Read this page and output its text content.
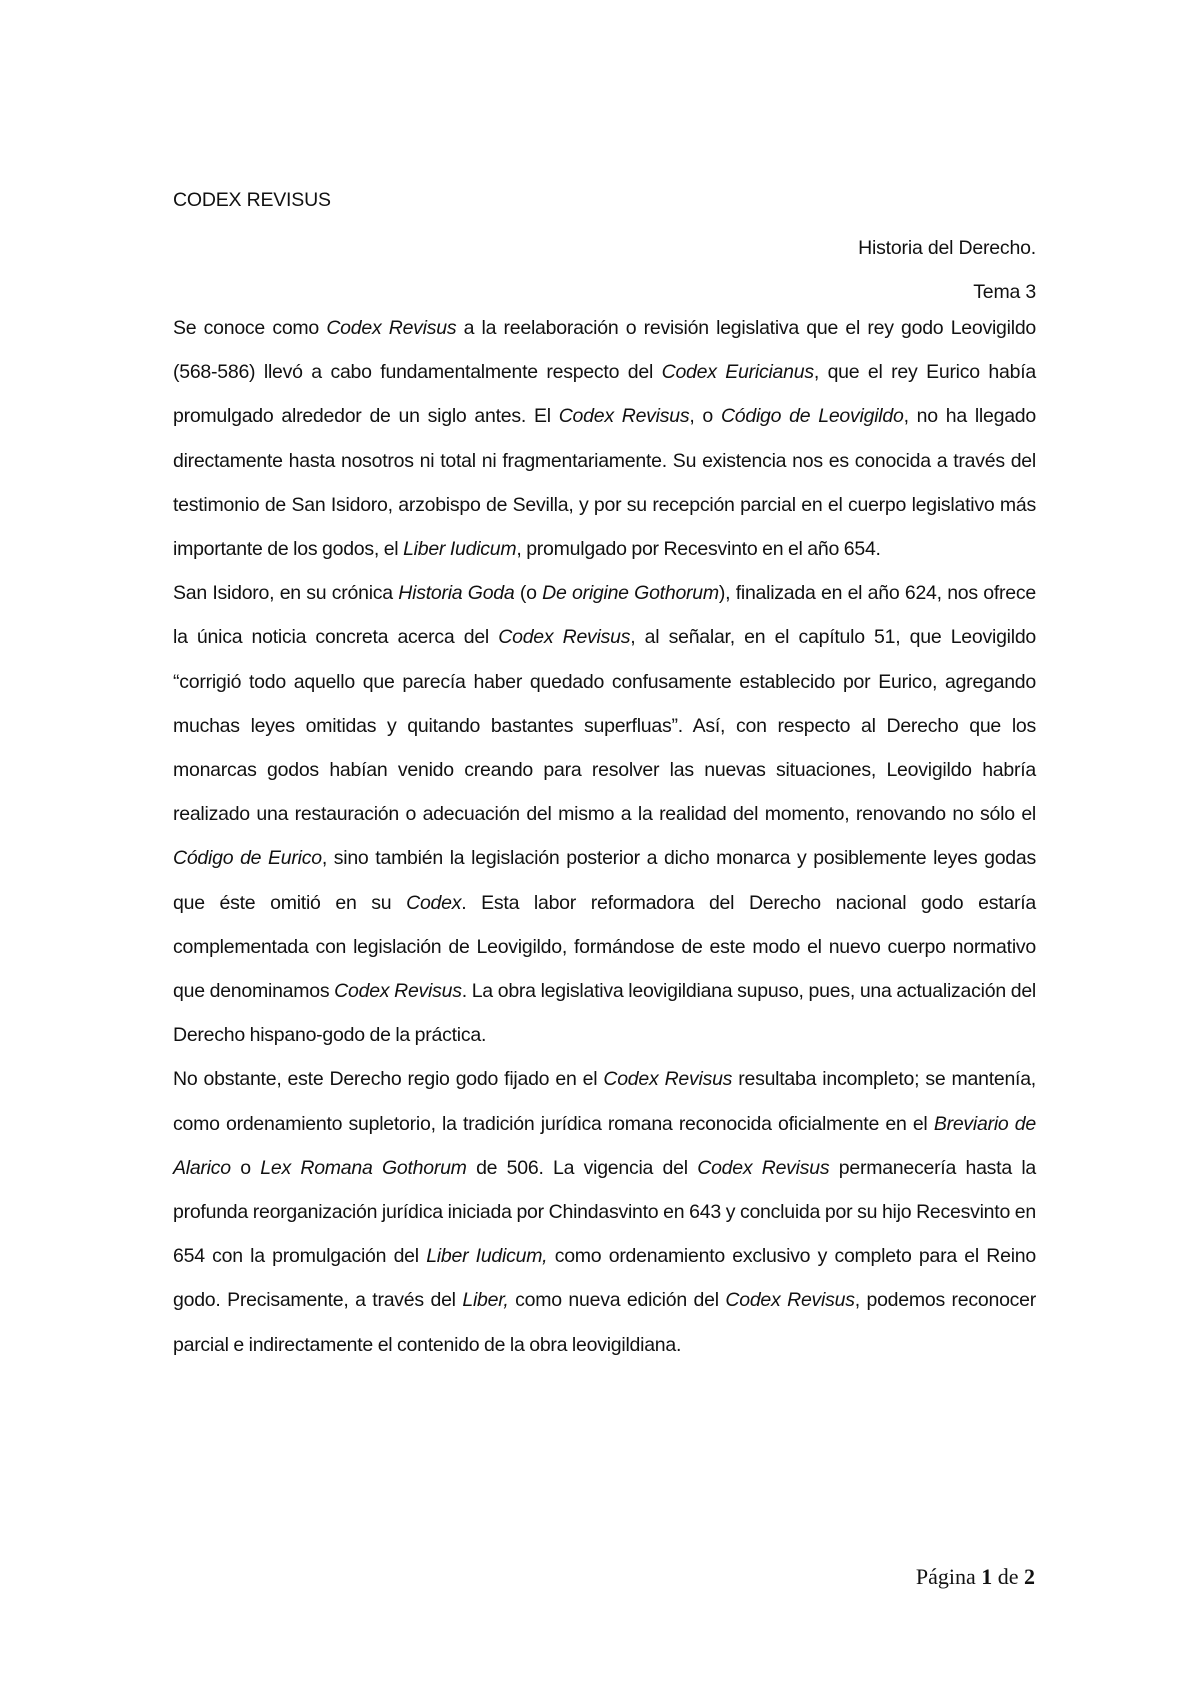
CODEX REVISUS
Historia del Derecho.
Tema 3

Se conoce como Codex Revisus a la reelaboración o revisión legislativa que el rey godo Leovigildo (568-586) llevó a cabo fundamentalmente respecto del Codex Euricianus, que el rey Eurico había promulgado alrededor de un siglo antes. El Codex Revisus, o Código de Leovigildo, no ha llegado directamente hasta nosotros ni total ni fragmentariamente. Su existencia nos es conocida a través del testimonio de San Isidoro, arzobispo de Sevilla, y por su recepción parcial en el cuerpo legislativo más importante de los godos, el Liber Iudicum, promulgado por Recesvinto en el año 654.

San Isidoro, en su crónica Historia Goda (o De origine Gothorum), finalizada en el año 624, nos ofrece la única noticia concreta acerca del Codex Revisus, al señalar, en el capítulo 51, que Leovigildo “corrigió todo aquello que parecía haber quedado confusamente establecido por Eurico, agregando muchas leyes omitidas y quitando bastantes superfluas”. Así, con respecto al Derecho que los monarcas godos habían venido creando para resolver las nuevas situaciones, Leovigildo habría realizado una restauración o adecuación del mismo a la realidad del momento, renovando no sólo el Código de Eurico, sino también la legislación posterior a dicho monarca y posiblemente leyes godas que éste omitió en su Codex. Esta labor reformadora del Derecho nacional godo estaría complementada con legislación de Leovigildo, formándose de este modo el nuevo cuerpo normativo que denominamos Codex Revisus. La obra legislativa leovigildiana supuso, pues, una actualización del Derecho hispano-godo de la práctica.

No obstante, este Derecho regio godo fijado en el Codex Revisus resultaba incompleto; se mantenía, como ordenamiento supletorio, la tradición jurídica romana reconocida oficialmente en el Breviario de Alarico o Lex Romana Gothorum de 506. La vigencia del Codex Revisus permanecería hasta la profunda reorganización jurídica iniciada por Chindasvinto en 643 y concluida por su hijo Recesvinto en 654 con la promulgación del Liber Iudicum, como ordenamiento exclusivo y completo para el Reino godo. Precisamente, a través del Liber, como nueva edición del Codex Revisus, podemos reconocer parcial e indirectamente el contenido de la obra leovigildiana.

Página 1 de 2
